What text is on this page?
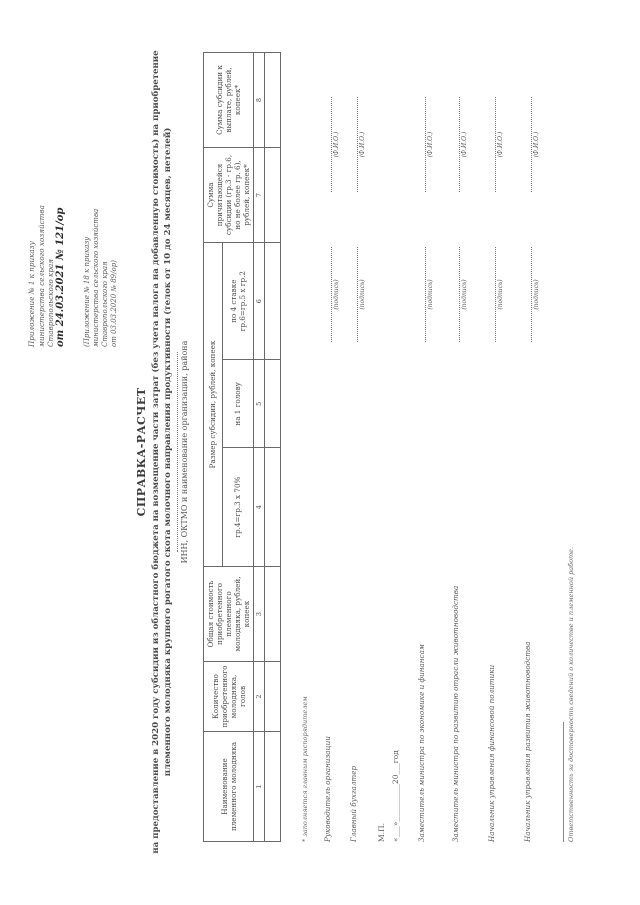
Приложение № 1 к приказу министерства сельского хозяйства Ставропольского края от 24.03.2021 № 121/ор	(Приложение № 18 к приказу министерства сельского хозяйства Ставропольского края от 03.03.2020 № 89/ор)
СПРАВКА-РАСЧЕТ на предоставление в 2020 году субсидии из областного бюджета на возмещение части затрат (без учета налога на добавленную стоимость) на приобретение племенного молодняка крупного рогатого скота молочного направления продуктивности (телок от 10 до 24 месяцев, нетелей) ИНН, ОКТМО и наименование организации, района
Наименование племенного молодняка	Количество приобретенного молодняка, голов	Общая стоимость приобретенного племенного молодняка, рублей, копеек	Размер субсидии, рублей, копеек			Сумма причитающейся субсидии (гр.3 - гр.6, но не более гр. 6), рублей, копеек*	Сумма субсидии к выплате, рублей, копеек*
			гр.4=гр.3 х 70%	на 1 голову	по 4 ставке гр.6=гр.5 х гр.2		

1	2	3	4	5	6	7	8

* заполняется главным распорядителем Руководитель организации
(подпись)
(Ф.И.О.)
Главный бухгалтер
(подпись)
(Ф.И.О.)
М.П. «___»__________20___год Заместитель министра по экономике и финансам
(подпись)
(Ф.И.О.)
Заместитель министра по развитию отрасли животноводства
(подпись)
(Ф.И.О.)
Начальник управления финансовой политики
(подпись)
(Ф.И.О.)
Начальник управления развития животноводства
(подпись)
(Ф.И.О.)
Ответственность за достоверность сведений о количестве и племенной работе.
